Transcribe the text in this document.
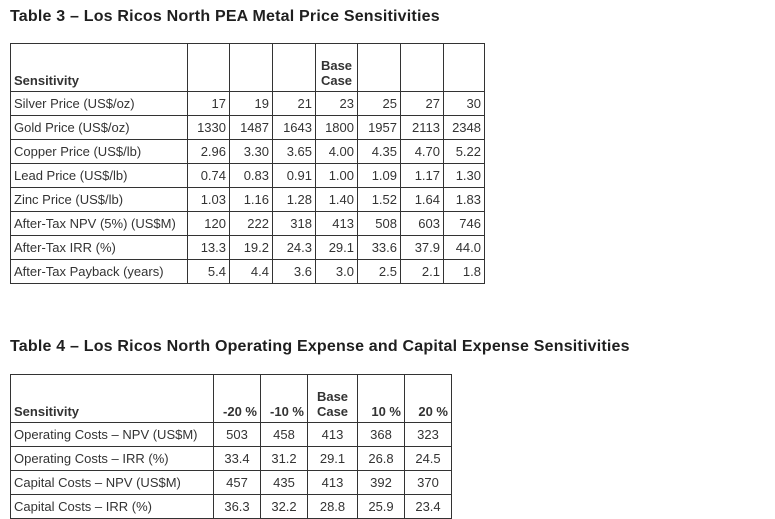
Table 3 – Los Ricos North PEA Metal Price Sensitivities
Sensitivity				Base Case			
Silver Price (US$/oz)	17	19	21	23	25	27	30
Gold Price (US$/oz)	1330	1487	1643	1800	1957	2113	2348
Copper Price (US$/lb)	2.96	3.30	3.65	4.00	4.35	4.70	5.22
Lead Price (US$/lb)	0.74	0.83	0.91	1.00	1.09	1.17	1.30
Zinc Price (US$/lb)	1.03	1.16	1.28	1.40	1.52	1.64	1.83
After-Tax NPV (5%) (US$M)	120	222	318	413	508	603	746
After-Tax IRR (%)	13.3	19.2	24.3	29.1	33.6	37.9	44.0
After-Tax Payback (years)	5.4	4.4	3.6	3.0	2.5	2.1	1.8
Table 4 – Los Ricos North Operating Expense and Capital Expense Sensitivities
Sensitivity	-20 %	-10 %	Base Case	10 %	20 %
Operating Costs – NPV (US$M)	503	458	413	368	323
Operating Costs – IRR (%)	33.4	31.2	29.1	26.8	24.5
Capital Costs – NPV (US$M)	457	435	413	392	370
Capital Costs – IRR (%)	36.3	32.2	28.8	25.9	23.4
